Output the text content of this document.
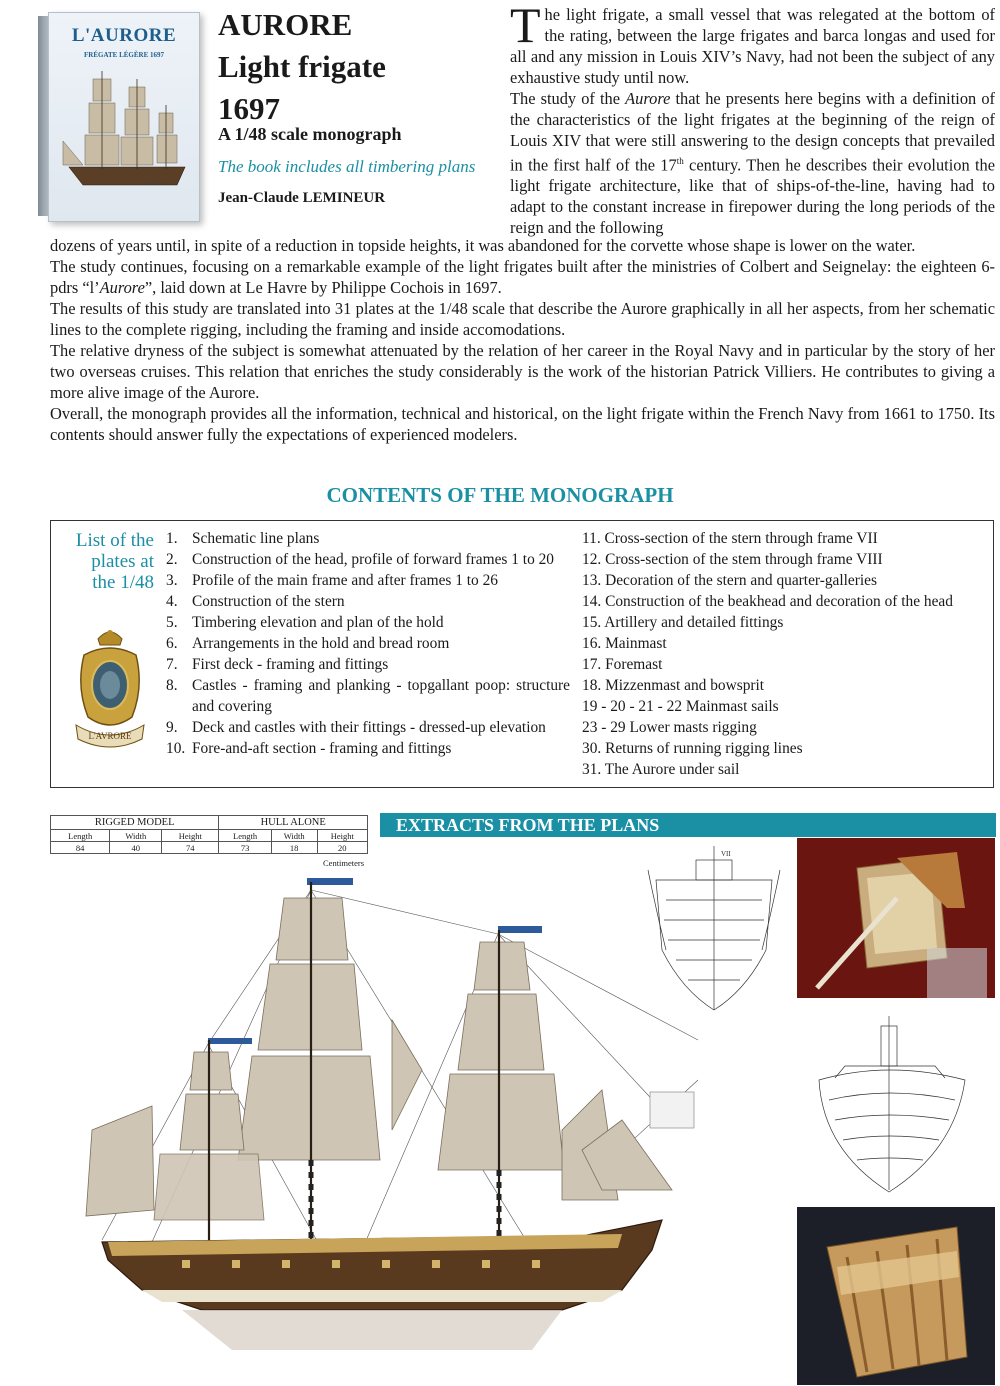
L'AURORE
FRÉGATE LÉGÈRE 1697
J.-C. Lemineur
AURORE
Light frigate
1697
A 1/48 scale monograph
The book includes all timbering plans
Jean-Claude LEMINEUR

The light frigate, a small vessel that was relegated at the bottom of the rating, between the large frigates and barca longas and used for all and any mission in Louis XIV’s Navy, had not been the subject of any exhaustive study until now.

The study of the Aurore that he presents here begins with a definition of the characteristics of the light frigates at the beginning of the reign of Louis XIV that were still answering to the design concepts that prevailed in the first half of the 17th century. Then he describes their evolution the light frigate architecture, like that of ships-of-the-line, having had to adapt to the constant increase in firepower during the long periods of the reign and the following

dozens of years until, in spite of a reduction in topside heights, it was abandoned for the corvette whose shape is lower on the water.

The study continues, focusing on a remarkable example of the light frigates built after the ministries of Colbert and Seignelay: the eighteen 6-pdrs “l’Aurore”, laid down at Le Havre by Philippe Cochois in 1697.

The results of this study are translated into 31 plates at the 1/48 scale that describe the Aurore graphically in all her aspects, from her schematic lines to the complete rigging, including the framing and inside accomodations.

The relative dryness of the subject is somewhat attenuated by the relation of her career in the Royal Navy and in particular by the story of her two overseas cruises. This relation that enriches the study considerably is the work of the historian Patrick Villiers. He contributes to giving a more alive image of the Aurore.

Overall, the monograph provides all the information, technical and historical, on the light frigate within the French Navy from 1661 to 1750. Its contents should answer fully the expectations of experienced modelers.

CONTENTS OF THE MONOGRAPH
List of the
plates at
the 1/48
L'AVRORE
1. Schematic line plans
2. Construction of the head, profile of forward frames 1 to 20
3. Profile of the main frame and after frames 1 to 26
4. Construction of the stern
5. Timbering elevation and plan of the hold
6. Arrangements in the hold and bread room
7. First deck - framing and fittings
8. Castles - framing and planking - topgallant poop: structure and covering
9. Deck and castles with their fittings - dressed-up elevation
10. Fore-and-aft section - framing and fittings
11. Cross-section of the stern through frame VII
12. Cross-section of the stem through frame VIII
13. Decoration of the stern and quarter-galleries
14. Construction of the beakhead and decoration of the head
15. Artillery and detailed fittings
16. Mainmast
17. Foremast
18. Mizzenmast and bowsprit
19 - 20 - 21 - 22 Mainmast sails
23 - 29 Lower masts rigging
30. Returns of running rigging lines
31. The Aurore under sail
RIGGED MODEL			HULL ALONE		
Length	Width	Height	Length	Width	Height
84	40	74	73	18	20
Centimeters
EXTRACTS FROM THE PLANS
VII
